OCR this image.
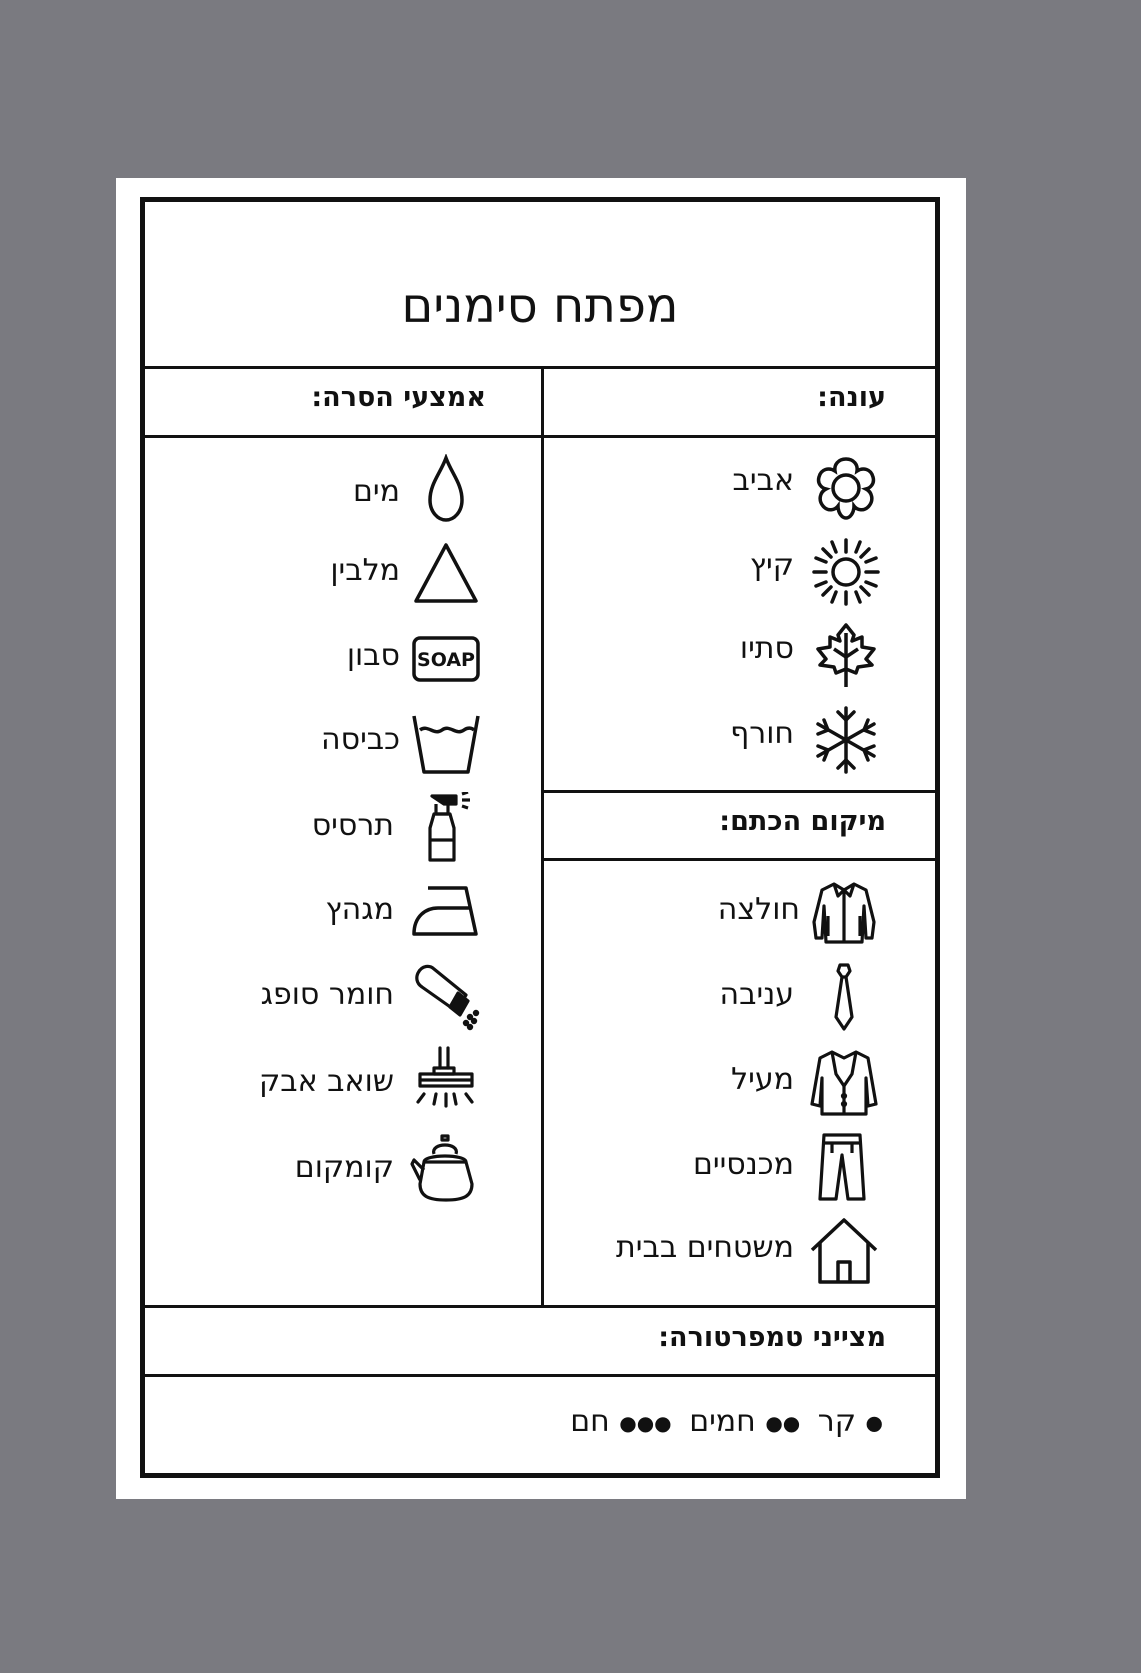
מפתח סימנים
עונה:
אמצעי הסרה:
מיקום הכתם:
מצייני טמפרטורה:
אביב
קיץ
סתיו
חורף
חולצה
עניבה
מעיל
מכנסיים
משטחים בבית
מים
מלבין
SOAP
סבון
כביסה
תרסיס
מגהץ
חומר סופג
שואב אבק
קומקום
● קר ●● חמים ●●● חם
